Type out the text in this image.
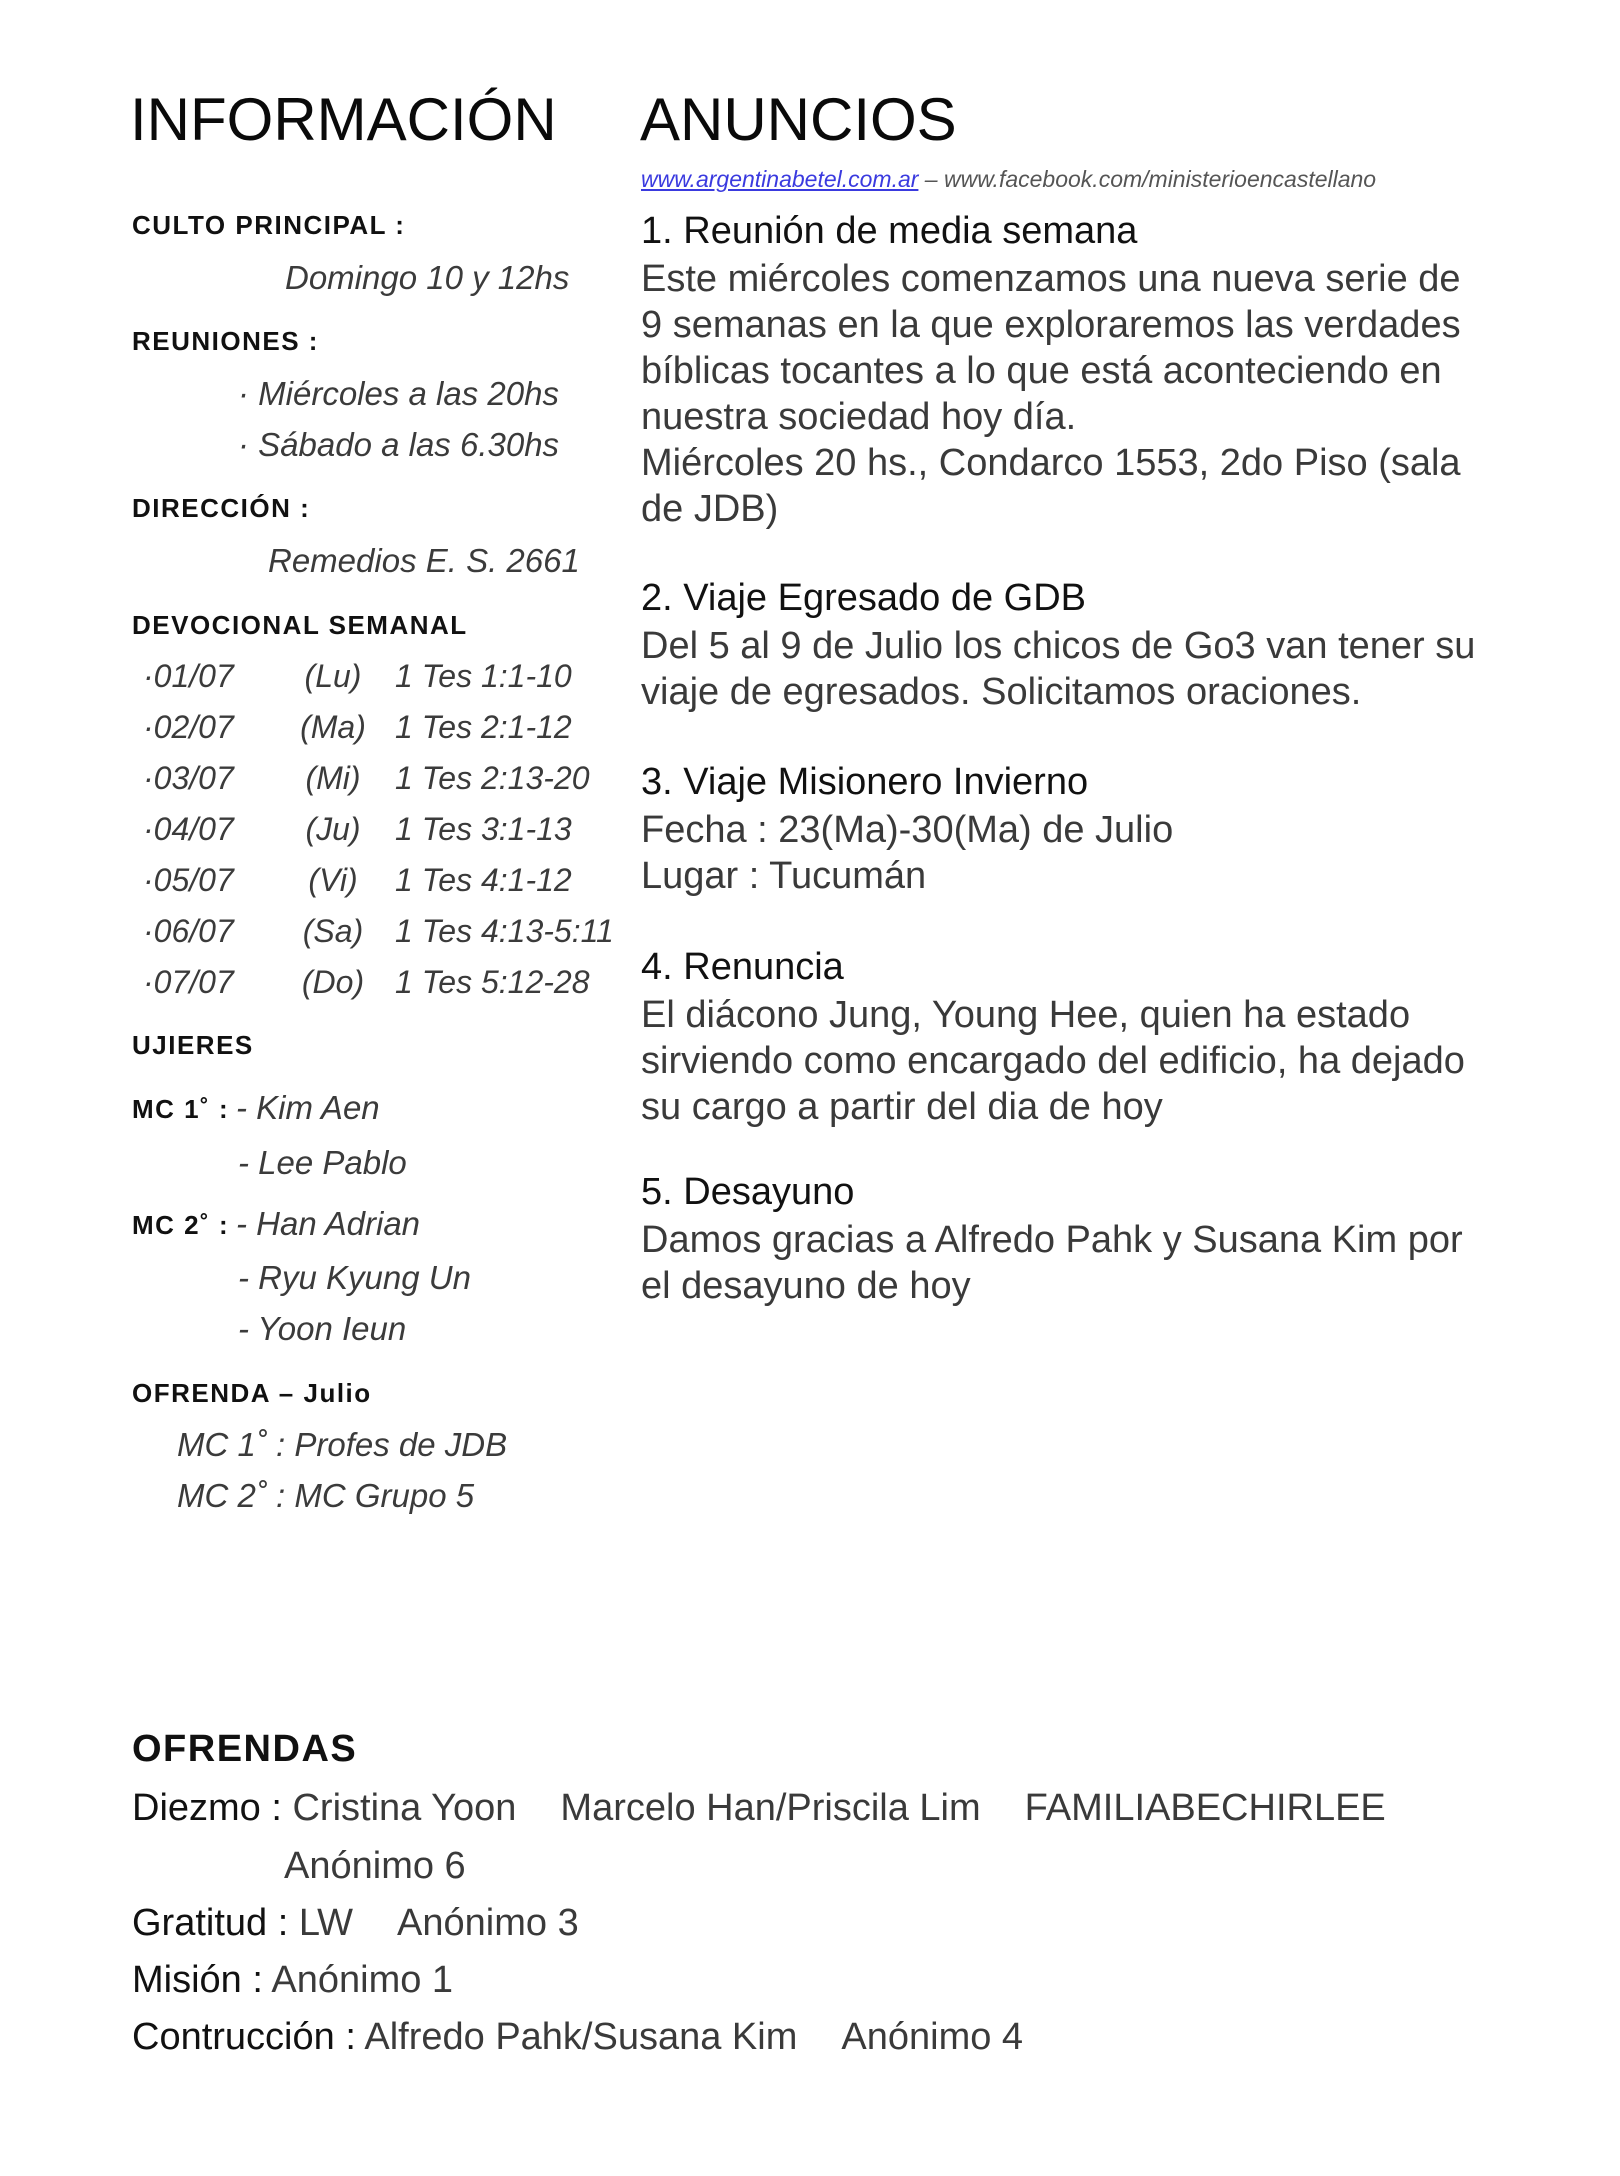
INFORMACIÓN
CULTO PRINCIPAL :
Domingo 10 y 12hs
REUNIONES :
· Miércoles a las 20hs
· Sábado a las 6.30hs
DIRECCIÓN :
Remedios E. S. 2661
DEVOCIONAL SEMANAL
·01/07	(Lu)	1 Tes 1:1-10
·02/07 (Ma) 1 Tes 2:1-12
·03/07	(Mi)	1 Tes 2:13-20
·04/07	(Ju)	1 Tes 3:1-13
·05/07	(Vi)	1 Tes 4:1-12
·06/07	(Sa) 1 Tes 4:13-5:11
·07/07 (Do) 1 Tes 5:12-28
UJIERES
MC 1˚ : - Kim Aen
- Lee Pablo
MC 2˚ : - Han Adrian
- Ryu Kyung Un
- Yoon Ieun
OFRENDA – Julio
MC 1˚ : Profes de JDB
MC 2˚ : MC Grupo 5
ANUNCIOS
www.argentinabetel.com.ar – www.facebook.com/ministerioencastellano
1. Reunión de media semana
Este miércoles comenzamos una nueva serie de
9 semanas en la que exploraremos las verdades
bíblicas tocantes a lo que está aconteciendo en
nuestra sociedad hoy día.
Miércoles 20 hs., Condarco 1553, 2do Piso (sala
de JDB)
2. Viaje Egresado de GDB
Del 5 al 9 de Julio los chicos de Go3 van tener su
viaje de egresados. Solicitamos oraciones.
3. Viaje Misionero Invierno
Fecha : 23(Ma)-30(Ma) de Julio
Lugar : Tucumán
4. Renuncia
El diácono Jung, Young Hee, quien ha estado
sirviendo como encargado del edificio, ha dejado
su cargo a partir del dia de hoy
5. Desayuno
Damos gracias a Alfredo Pahk y Susana Kim por
el desayuno de hoy
OFRENDAS
Diezmo : Cristina Yoon Marcelo Han/Priscila Lim FAMILIABECHIRLEE
Anónimo 6
Gratitud : LW Anónimo 3
Misión : Anónimo 1
Contrucción : Alfredo Pahk/Susana Kim Anónimo 4
